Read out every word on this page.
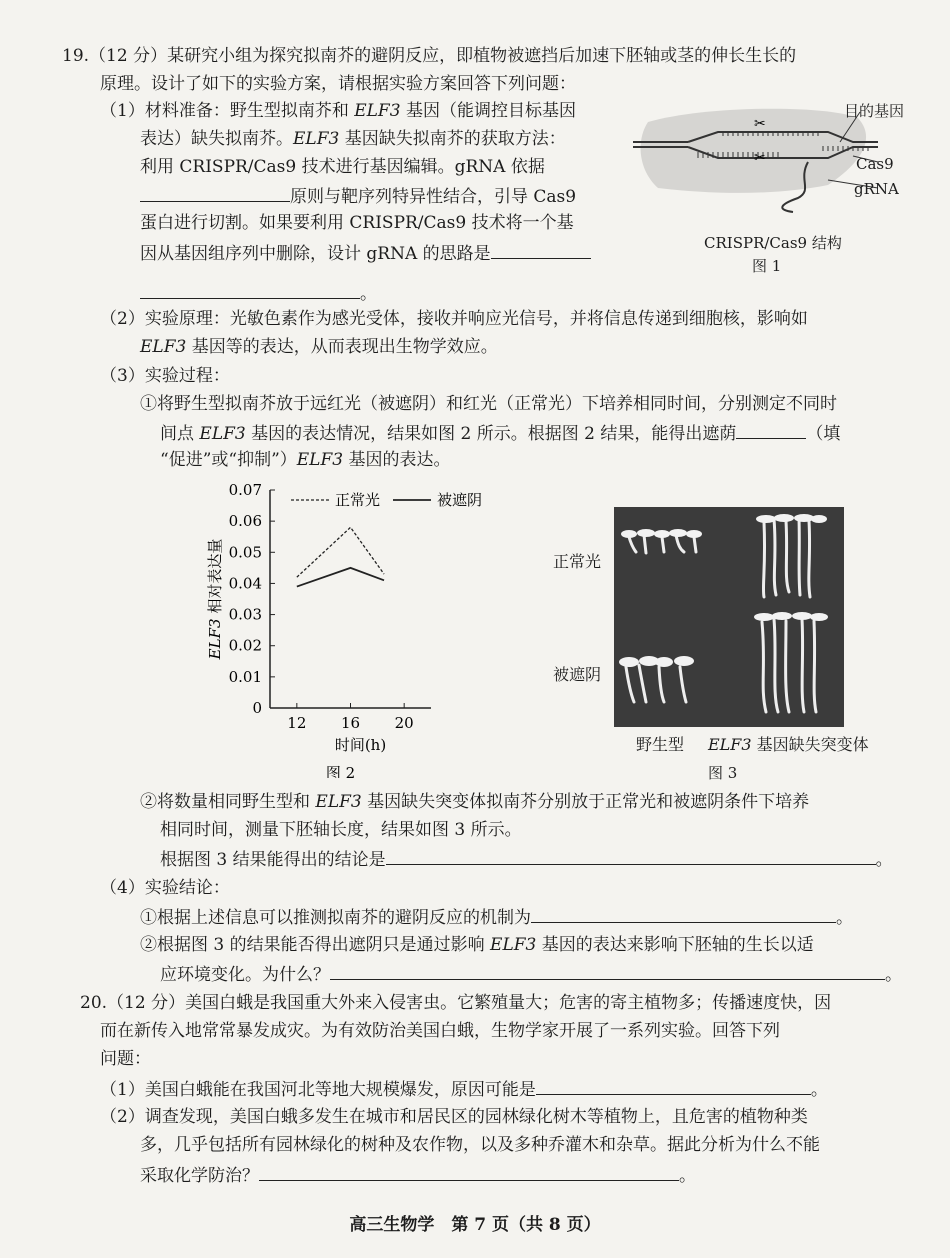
19.（12 分）某研究小组为探究拟南芥的避阴反应，即植物被遮挡后加速下胚轴或茎的伸长生长的
原理。设计了如下的实验方案，请根据实验方案回答下列问题：
（1）材料准备：野生型拟南芥和 ELF3 基因（能调控目标基因
表达）缺失拟南芥。ELF3 基因缺失拟南芥的获取方法：
利用 CRISPR/Cas9 技术进行基因编辑。gRNA 依据
原则与靶序列特异性结合，引导 Cas9
蛋白进行切割。如果要利用 CRISPR/Cas9 技术将一个基
因从基因组序列中删除，设计 gRNA 的思路是
。
✂
✂
目的基因
Cas9
gRNA
CRISPR/Cas9 结构
图 1
（2）实验原理：光敏色素作为感光受体，接收并响应光信号，并将信息传递到细胞核，影响如
ELF3 基因等的表达，从而表现出生物学效应。
（3）实验过程：
①将野生型拟南芥放于远红光（被遮阴）和红光（正常光）下培养相同时间，分别测定不同时
间点 ELF3 基因的表达情况，结果如图 2 所示。根据图 2 结果，能得出遮荫	（填
“促进”或“抑制”）ELF3 基因的表达。
0
0.01
0.02
0.03
0.04
0.05
0.06
0.07
12 16 20
时间(h)
ELF3 相对表达量
正常光	被遮阴
图 2
正常光
被遮阴
野生型 ELF3 基因缺失突变体
图 3
②将数量相同野生型和 ELF3 基因缺失突变体拟南芥分别放于正常光和被遮阴条件下培养
相同时间，测量下胚轴长度，结果如图 3 所示。
根据图 3 结果能得出的结论是	。
（4）实验结论：
①根据上述信息可以推测拟南芥的避阴反应的机制为	。
②根据图 3 的结果能否得出遮阴只是通过影响 ELF3 基因的表达来影响下胚轴的生长以适
应环境变化。为什么？	。
20.（12 分）美国白蛾是我国重大外来入侵害虫。它繁殖量大；危害的寄主植物多；传播速度快，因
而在新传入地常常暴发成灾。为有效防治美国白蛾，生物学家开展了一系列实验。回答下列
问题：
（1）美国白蛾能在我国河北等地大规模爆发，原因可能是	。
（2）调查发现，美国白蛾多发生在城市和居民区的园林绿化树木等植物上，且危害的植物种类
多，几乎包括所有园林绿化的树种及农作物，以及多种乔灌木和杂草。据此分析为什么不能
采取化学防治？	。
高三生物学　第 7 页（共 8 页）
